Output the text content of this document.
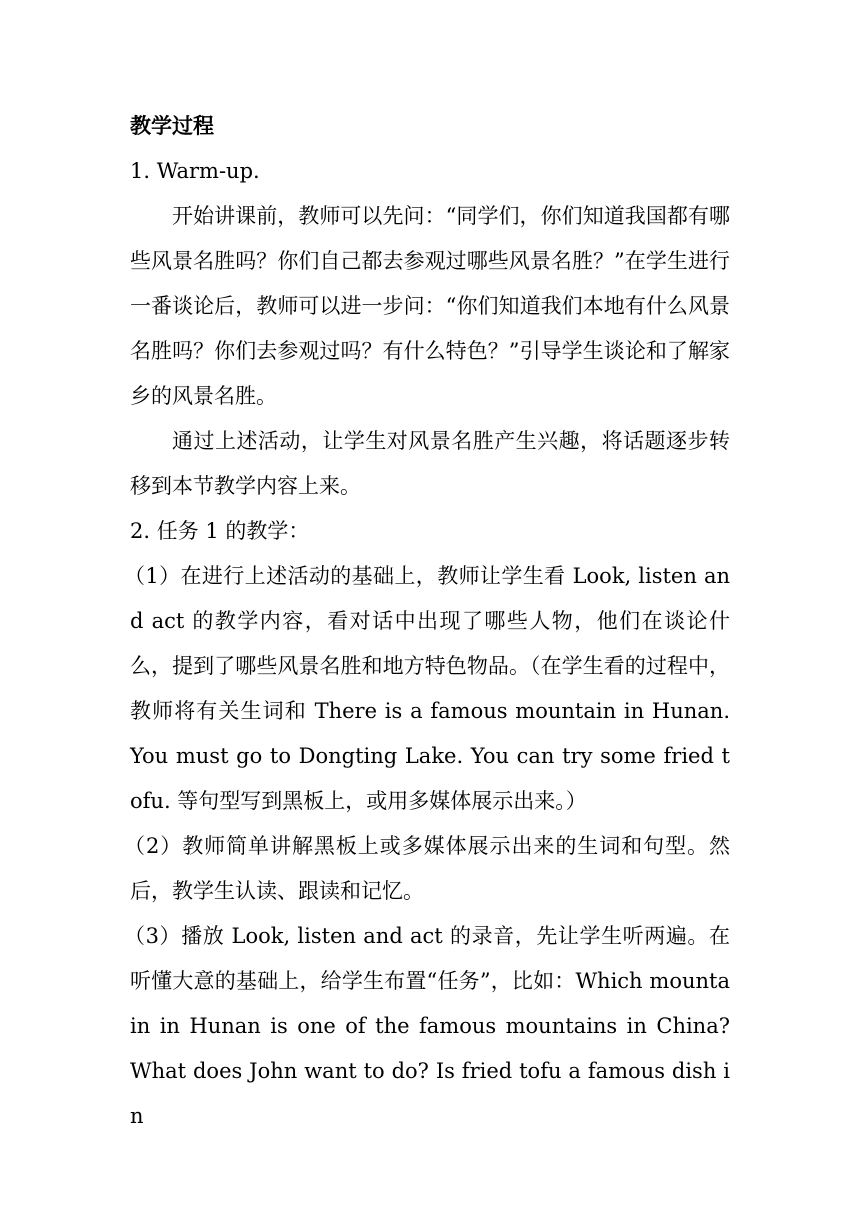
教学过程
1. Warm-up.
开始讲课前，教师可以先问：“同学们，你们知道我国都有哪些风景名胜吗？你们自己都去参观过哪些风景名胜？”在学生进行一番谈论后，教师可以进一步问：“你们知道我们本地有什么风景名胜吗？你们去参观过吗？有什么特色？”引导学生谈论和了解家乡的风景名胜。
通过上述活动，让学生对风景名胜产生兴趣，将话题逐步转移到本节教学内容上来。
2. 任务 1 的教学：
（1）在进行上述活动的基础上，教师让学生看 Look, listen and act 的教学内容，看对话中出现了哪些人物，他们在谈论什么，提到了哪些风景名胜和地方特色物品。（在学生看的过程中，教师将有关生词和 There is a famous mountain in Hunan. You must go to Dongting Lake. You can try some fried tofu. 等句型写到黑板上，或用多媒体展示出来。）
（2）教师简单讲解黑板上或多媒体展示出来的生词和句型。然后，教学生认读、跟读和记忆。
（3）播放 Look, listen and act 的录音，先让学生听两遍。在听懂大意的基础上，给学生布置“任务”，比如：Which mountain in Hunan is one of the famous mountains in China? What does John want to do? Is fried tofu a famous dish in
